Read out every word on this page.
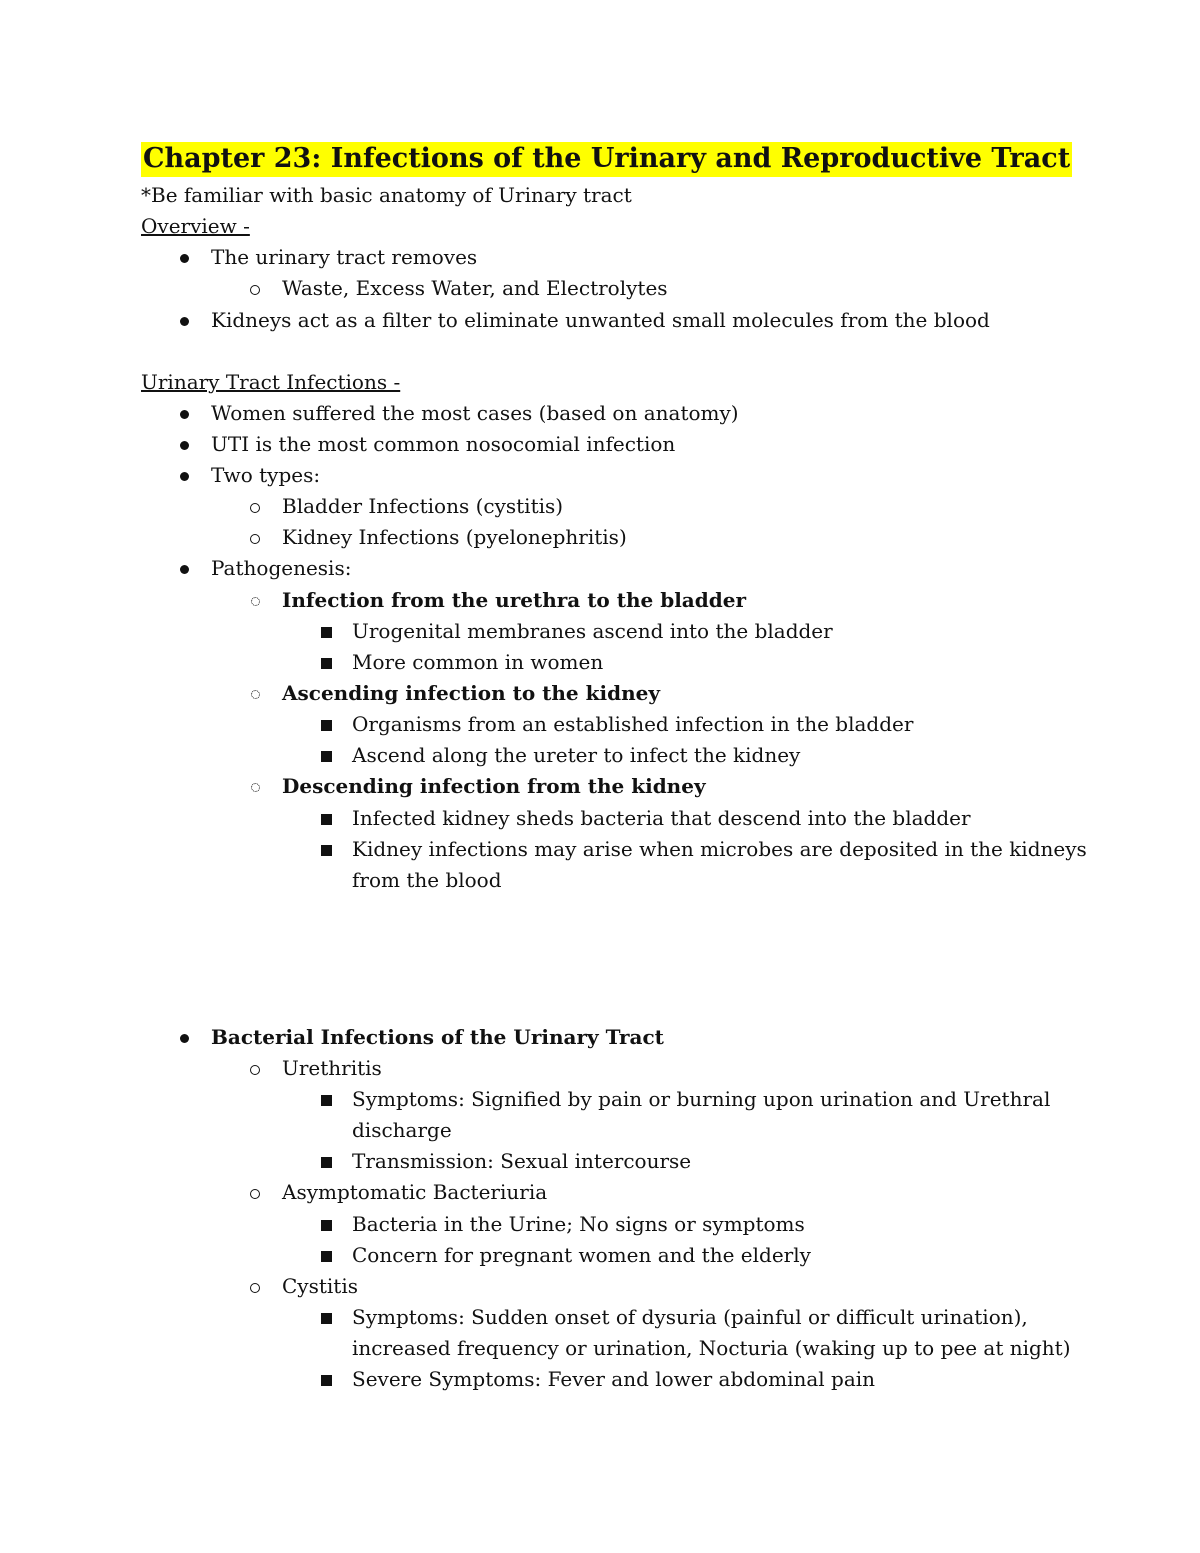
Chapter 23: Infections of the Urinary and Reproductive Tract
*Be familiar with basic anatomy of Urinary tract
Overview -
The urinary tract removes
Waste, Excess Water, and Electrolytes
Kidneys act as a filter to eliminate unwanted small molecules from the blood
Urinary Tract Infections -
Women suffered the most cases (based on anatomy)
UTI is the most common nosocomial infection
Two types:
Bladder Infections (cystitis)
Kidney Infections (pyelonephritis)
Pathogenesis:
Infection from the urethra to the bladder
Urogenital membranes ascend into the bladder
More common in women
Ascending infection to the kidney
Organisms from an established infection in the bladder
Ascend along the ureter to infect the kidney
Descending infection from the kidney
Infected kidney sheds bacteria that descend into the bladder
Kidney infections may arise when microbes are deposited in the kidneys
from the blood
Bacterial Infections of the Urinary Tract
Urethritis
Symptoms: Signified by pain or burning upon urination and Urethral
discharge
Transmission: Sexual intercourse
Asymptomatic Bacteriuria
Bacteria in the Urine; No signs or symptoms
Concern for pregnant women and the elderly
Cystitis
Symptoms: Sudden onset of dysuria (painful or difficult urination),
increased frequency or urination, Nocturia (waking up to pee at night)
Severe Symptoms: Fever and lower abdominal pain
